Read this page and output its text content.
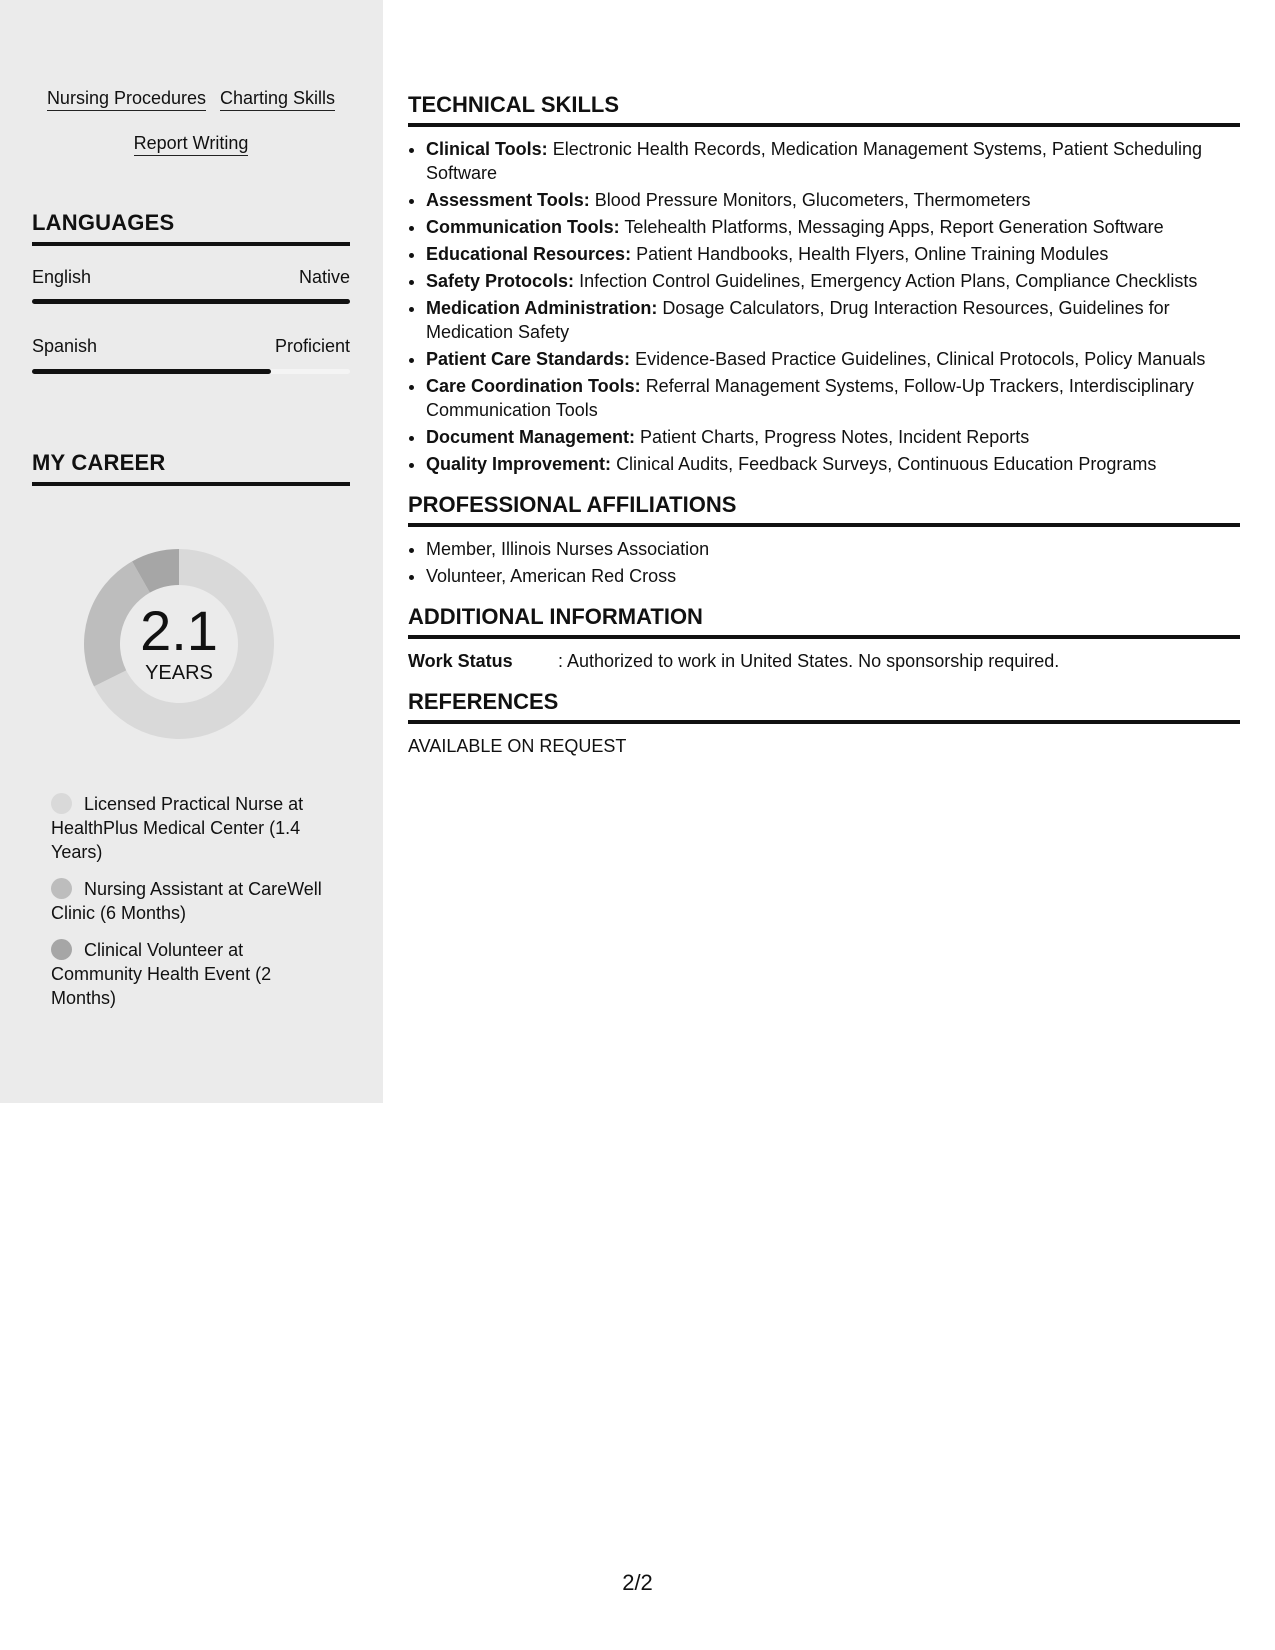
Nursing Procedures Charting Skills
Report Writing
LANGUAGES
English	Native
Spanish	Proficient
MY CAREER
2.1
YEARS
Licensed Practical Nurse at HealthPlus Medical Center (1.4 Years)
Nursing Assistant at CareWell Clinic (6 Months)
Clinical Volunteer at Community Health Event (2 Months)
TECHNICAL SKILLS
• Clinical Tools: Electronic Health Records, Medication Management Systems, Patient Scheduling Software
• Assessment Tools: Blood Pressure Monitors, Glucometers, Thermometers
• Communication Tools: Telehealth Platforms, Messaging Apps, Report Generation Software
• Educational Resources: Patient Handbooks, Health Flyers, Online Training Modules
• Safety Protocols: Infection Control Guidelines, Emergency Action Plans, Compliance Checklists
• Medication Administration: Dosage Calculators, Drug Interaction Resources, Guidelines for Medication Safety
• Patient Care Standards: Evidence-Based Practice Guidelines, Clinical Protocols, Policy Manuals
• Care Coordination Tools: Referral Management Systems, Follow-Up Trackers, Interdisciplinary Communication Tools
• Document Management: Patient Charts, Progress Notes, Incident Reports
• Quality Improvement: Clinical Audits, Feedback Surveys, Continuous Education Programs
PROFESSIONAL AFFILIATIONS
• Member, Illinois Nurses Association
• Volunteer, American Red Cross
ADDITIONAL INFORMATION
Work Status	: Authorized to work in United States. No sponsorship required.
REFERENCES
AVAILABLE ON REQUEST
2/2
